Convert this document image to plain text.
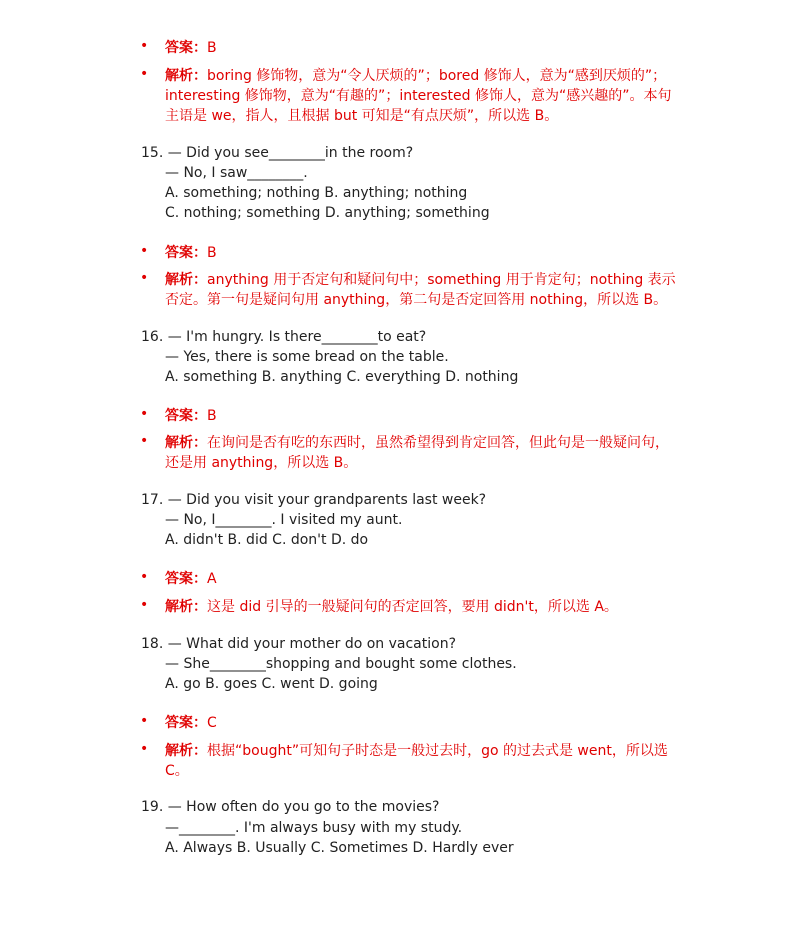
• 答案：B
• 解析：boring 修饰物，意为“令人厌烦的”；bored 修饰人，意为“感到厌烦的”；
interesting 修饰物，意为“有趣的”；interested 修饰人，意为“感兴趣的”。本句
主语是 we，指人，且根据 but 可知是“有点厌烦”，所以选 B。
15. — Did you see________in the room?
— No, I saw________.
A. something; nothing B. anything; nothing
C. nothing; something D. anything; something
• 答案：B
• 解析：anything 用于否定句和疑问句中；something 用于肯定句；nothing 表示
否定。第一句是疑问句用 anything，第二句是否定回答用 nothing，所以选 B。
16. — I'm hungry. Is there________to eat?
— Yes, there is some bread on the table.
A. something B. anything C. everything D. nothing
• 答案：B
• 解析：在询问是否有吃的东西时，虽然希望得到肯定回答，但此句是一般疑问句，
还是用 anything，所以选 B。
17. — Did you visit your grandparents last week?
— No, I________. I visited my aunt.
A. didn't B. did C. don't D. do
• 答案：A
• 解析：这是 did 引导的一般疑问句的否定回答，要用 didn't，所以选 A。
18. — What did your mother do on vacation?
— She________shopping and bought some clothes.
A. go B. goes C. went D. going
• 答案：C
• 解析：根据“bought”可知句子时态是一般过去时，go 的过去式是 went，所以选
C。
19. — How often do you go to the movies?
—________. I'm always busy with my study.
A. Always B. Usually C. Sometimes D. Hardly ever
